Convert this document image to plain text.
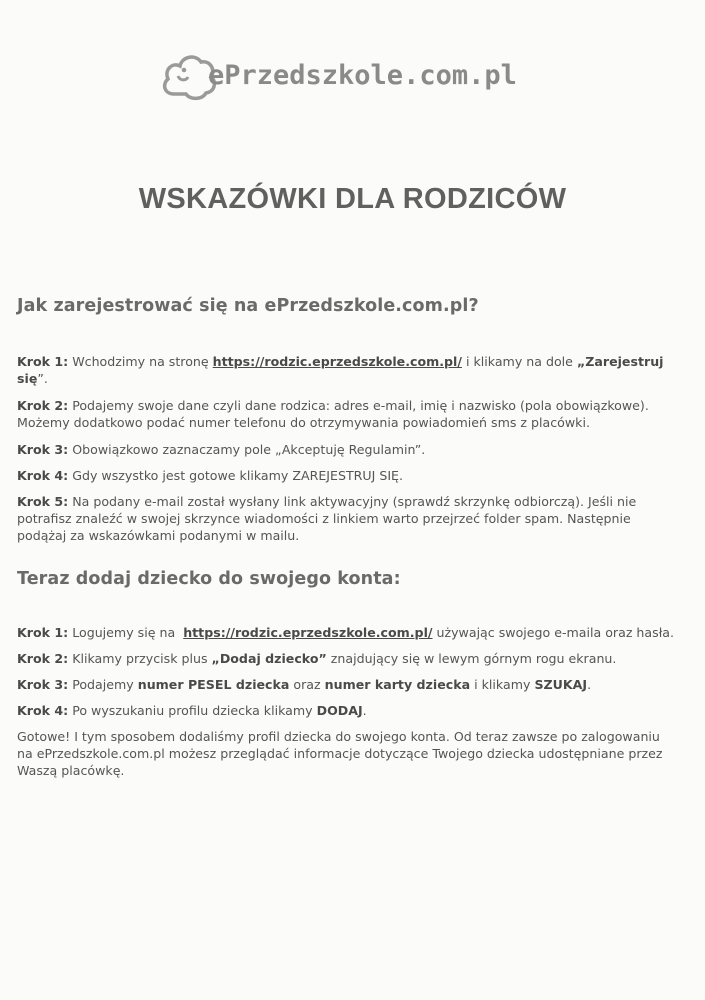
ePrzedszkole.com.pl
WSKAZÓWKI DLA RODZICÓW
Jak zarejestrować się na ePrzedszkole.com.pl?

Krok 1: Wchodzimy na stronę https://rodzic.eprzedszkole.com.pl/ i klikamy na dole „Zarejestruj się”.

Krok 2: Podajemy swoje dane czyli dane rodzica: adres e-mail, imię i nazwisko (pola obowiązkowe). Możemy dodatkowo podać numer telefonu do otrzymywania powiadomień sms z placówki.

Krok 3: Obowiązkowo zaznaczamy pole „Akceptuję Regulamin”.

Krok 4: Gdy wszystko jest gotowe klikamy ZAREJESTRUJ SIĘ.

Krok 5: Na podany e-mail został wysłany link aktywacyjny (sprawdź skrzynkę odbiorczą). Jeśli nie potrafisz znaleźć w swojej skrzynce wiadomości z linkiem warto przejrzeć folder spam. Następnie podążaj za wskazówkami podanymi w mailu.

Teraz dodaj dziecko do swojego konta:

Krok 1: Logujemy się na https://rodzic.eprzedszkole.com.pl/ używając swojego e-maila oraz hasła.

Krok 2: Klikamy przycisk plus „Dodaj dziecko” znajdujący się w lewym górnym rogu ekranu.

Krok 3: Podajemy numer PESEL dziecka oraz numer karty dziecka i klikamy SZUKAJ.

Krok 4: Po wyszukaniu profilu dziecka klikamy DODAJ.

Gotowe! I tym sposobem dodaliśmy profil dziecka do swojego konta. Od teraz zawsze po zalogowaniu na ePrzedszkole.com.pl możesz przeglądać informacje dotyczące Twojego dziecka udostępniane przez Waszą placówkę.
